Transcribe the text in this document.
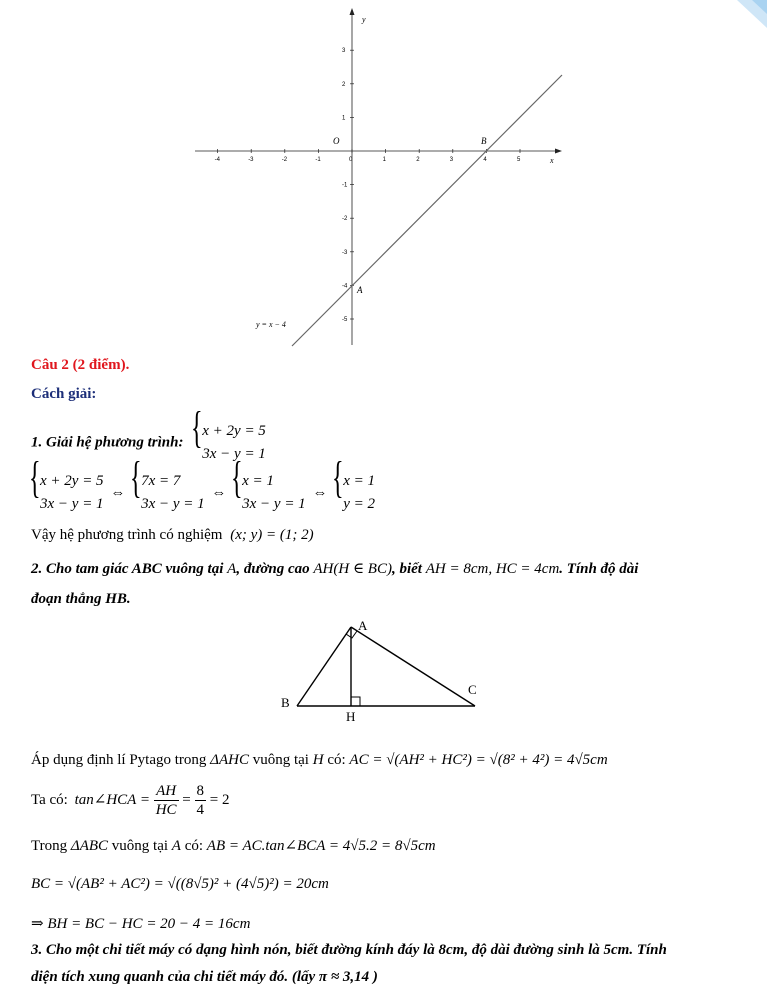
-4	-3	-2	-1	0	1	2	3	4	5
3
2
1
-1
-2
-3
-4
-5
y
x
O	B
A
y = x − 4
Câu 2 (2 điểm).
Cách giải:
1. Giải hệ phương trình:
{ x + 2y = 5
3x − y = 1
{ x + 2y = 5
3x − y = 1
⇔
{ 7x = 7
3x − y = 1
⇔
{ x = 1
3x − y = 1
⇔
{ x = 1
y = 2
Vậy hệ phương trình có nghiệm (x; y) = (1; 2)
2. Cho tam giác ABC vuông tại A, đường cao AH(H ∈ BC), biết AH = 8cm, HC = 4cm. Tính độ dài
đoạn thẳng HB.
A
B
C
H
Áp dụng định lí Pytago trong ΔAHC vuông tại H có: AC = √(AH² + HC²) = √(8² + 4²) = 4√5cm
Ta có: tan∠HCA = $\frac{AH}{HC} = \frac{8}{4} = 2$
Trong ΔABC vuông tại A có: AB = AC.tan∠BCA = 4√5.2 = 8√5cm
BC = √(AB² + AC²) = √((8√5)² + (4√5)²) = 20cm
⇒ BH = BC − HC = 20 − 4 = 16cm
3. Cho một chi tiết máy có dạng hình nón, biết đường kính đáy là 8cm, độ dài đường sinh là 5cm. Tính
diện tích xung quanh của chi tiết máy đó. (lấy π ≈ 3,14 )
